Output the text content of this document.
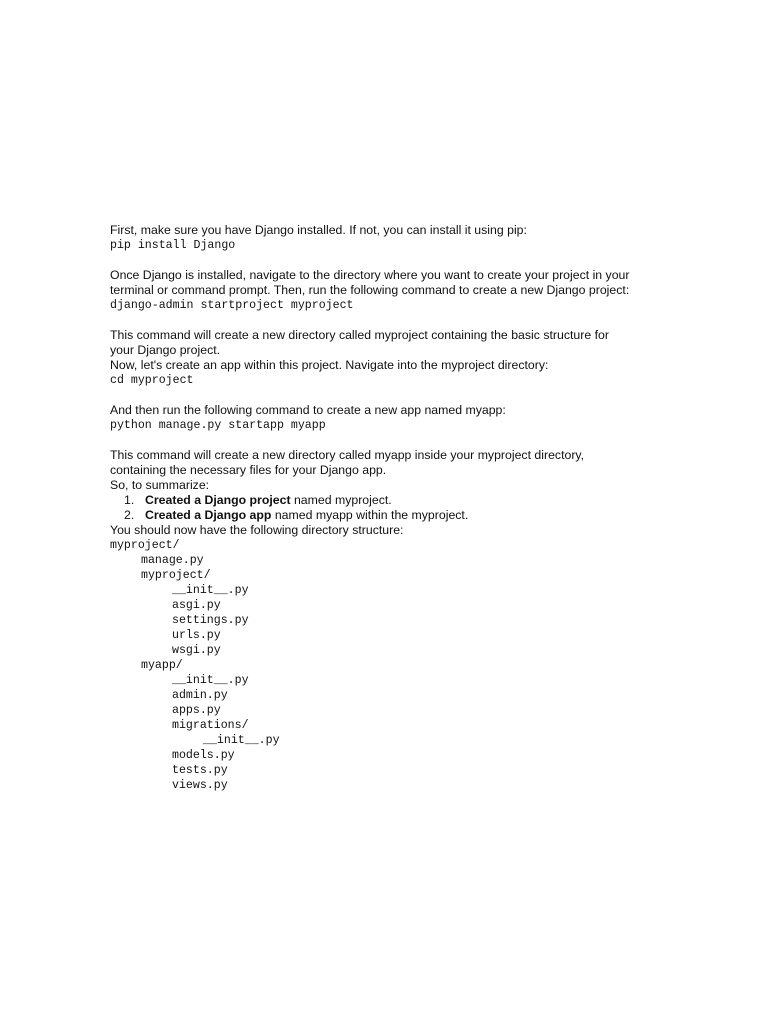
First, make sure you have Django installed. If not, you can install it using pip:

pip install Django

Once Django is installed, navigate to the directory where you want to create your project in your

terminal or command prompt. Then, run the following command to create a new Django project:

django-admin startproject myproject

This command will create a new directory called myproject containing the basic structure for

your Django project.

Now, let's create an app within this project. Navigate into the myproject directory:

cd myproject

And then run the following command to create a new app named myapp:

python manage.py startapp myapp

This command will create a new directory called myapp inside your myproject directory,

containing the necessary files for your Django app.

So, to summarize:

1. Created a Django project named myproject.
2. Created a Django app named myapp within the myproject.

You should now have the following directory structure:

myproject/
manage.py
myproject/
__init__.py
asgi.py
settings.py
urls.py
wsgi.py
myapp/
__init__.py
admin.py
apps.py
migrations/
__init__.py
models.py
tests.py
views.py
